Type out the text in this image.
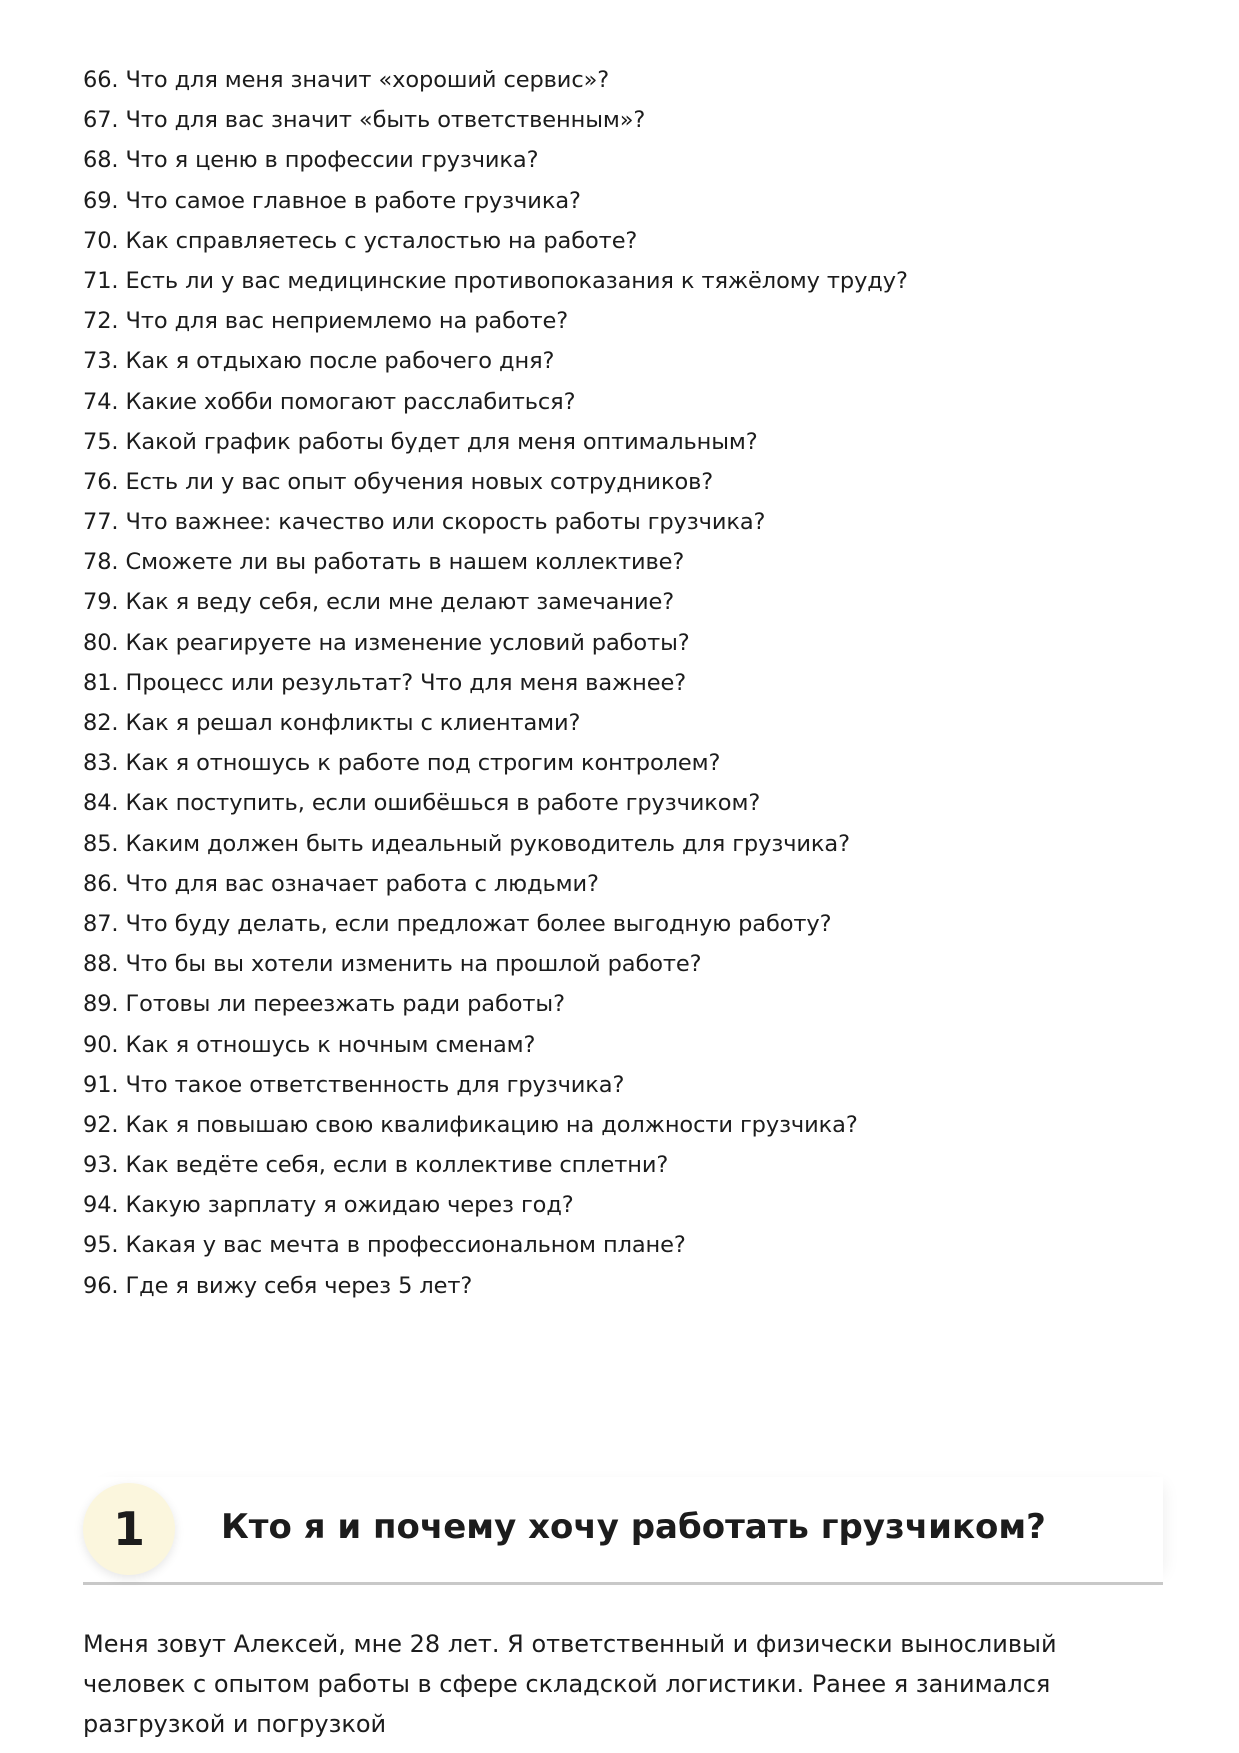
66. Что для меня значит «хороший сервис»?
67. Что для вас значит «быть ответственным»?
68. Что я ценю в профессии грузчика?
69. Что самое главное в работе грузчика?
70. Как справляетесь с усталостью на работе?
71. Есть ли у вас медицинские противопоказания к тяжёлому труду?
72. Что для вас неприемлемо на работе?
73. Как я отдыхаю после рабочего дня?
74. Какие хобби помогают расслабиться?
75. Какой график работы будет для меня оптимальным?
76. Есть ли у вас опыт обучения новых сотрудников?
77. Что важнее: качество или скорость работы грузчика?
78. Сможете ли вы работать в нашем коллективе?
79. Как я веду себя, если мне делают замечание?
80. Как реагируете на изменение условий работы?
81. Процесс или результат? Что для меня важнее?
82. Как я решал конфликты с клиентами?
83. Как я отношусь к работе под строгим контролем?
84. Как поступить, если ошибёшься в работе грузчиком?
85. Каким должен быть идеальный руководитель для грузчика?
86. Что для вас означает работа с людьми?
87. Что буду делать, если предложат более выгодную работу?
88. Что бы вы хотели изменить на прошлой работе?
89. Готовы ли переезжать ради работы?
90. Как я отношусь к ночным сменам?
91. Что такое ответственность для грузчика?
92. Как я повышаю свою квалификацию на должности грузчика?
93. Как ведёте себя, если в коллективе сплетни?
94. Какую зарплату я ожидаю через год?
95. Какая у вас мечта в профессиональном плане?
96. Где я вижу себя через 5 лет?
1	Кто я и почему хочу работать грузчиком?

Меня зовут Алексей, мне 28 лет. Я ответственный и физически выносливый человек с опытом работы в сфере складской логистики. Ранее я занимался разгрузкой и погрузкой
